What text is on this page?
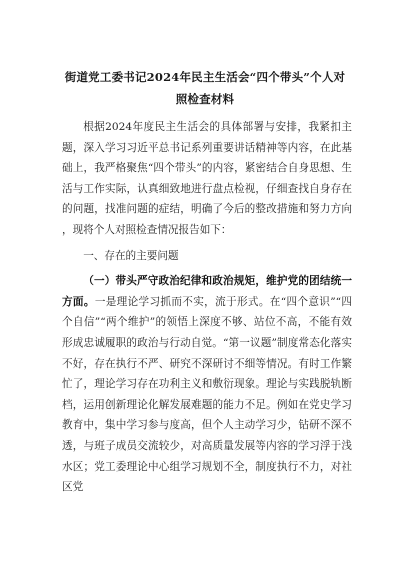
街道党工委书记2024年民主生活会“四个带头”个人对照检查材料

根据2024年度民主生活会的具体部署与安排，我紧扣主题，深入学习习近平总书记系列重要讲话精神等内容，在此基础上，我严格聚焦“四个带头”的内容，紧密结合自身思想、生活与工作实际，认真细致地进行盘点检视，仔细查找自身存在的问题，找准问题的症结，明确了今后的整改措施和努力方向，现将个人对照检查情况报告如下：

一、存在的主要问题

（一）带头严守政治纪律和政治规矩，维护党的团结统一方面。一是理论学习抓而不实，流于形式。在“四个意识”“四个自信”“两个维护”的领悟上深度不够、站位不高，不能有效形成忠诚履职的政治与行动自觉。“第一议题”制度常态化落实不好，存在执行不严、研究不深研讨不细等情况。有时工作繁忙了，理论学习存在功利主义和敷衍现象。理论与实践脱轨断档，运用创新理论化解发展难题的能力不足。例如在党史学习教育中，集中学习参与度高，但个人主动学习少，钻研不深不透，与班子成员交流较少，对高质量发展等内容的学习浮于浅水区；党工委理论中心组学习规划不全，制度执行不力，对社区党
